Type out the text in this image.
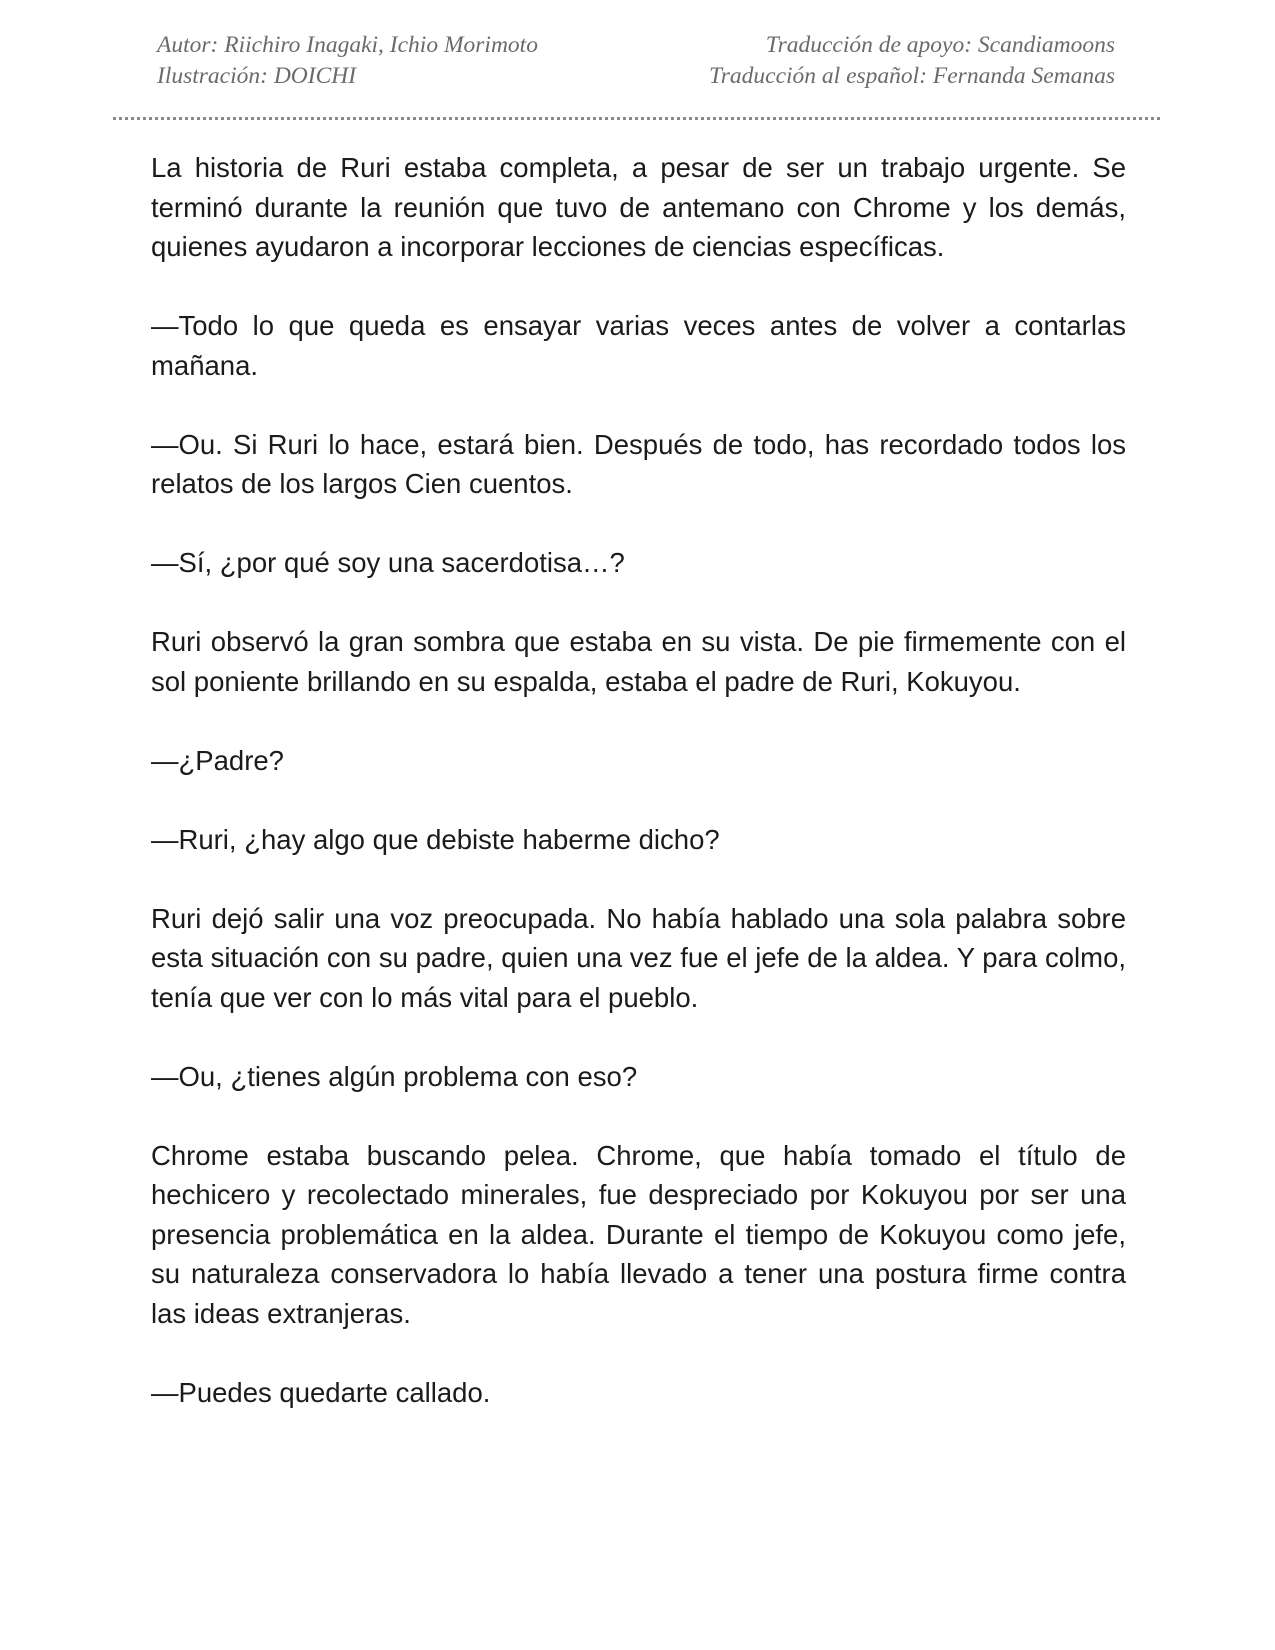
Autor: Riichiro Inagaki, Ichio Morimoto
Ilustración: DOICHI
Traducción de apoyo: Scandiamoons
Traducción al español: Fernanda Semanas

La historia de Ruri estaba completa, a pesar de ser un trabajo urgente. Se terminó durante la reunión que tuvo de antemano con Chrome y los demás, quienes ayudaron a incorporar lecciones de ciencias específicas.

—Todo lo que queda es ensayar varias veces antes de volver a contarlas mañana.

—Ou. Si Ruri lo hace, estará bien. Después de todo, has recordado todos los relatos de los largos Cien cuentos.

—Sí, ¿por qué soy una sacerdotisa…?

Ruri observó la gran sombra que estaba en su vista. De pie firmemente con el sol poniente brillando en su espalda, estaba el padre de Ruri, Kokuyou.

—¿Padre?

—Ruri, ¿hay algo que debiste haberme dicho?

Ruri dejó salir una voz preocupada. No había hablado una sola palabra sobre esta situación con su padre, quien una vez fue el jefe de la aldea. Y para colmo, tenía que ver con lo más vital para el pueblo.

—Ou, ¿tienes algún problema con eso?

Chrome estaba buscando pelea. Chrome, que había tomado el título de hechicero y recolectado minerales, fue despreciado por Kokuyou por ser una presencia problemática en la aldea. Durante el tiempo de Kokuyou como jefe, su naturaleza conservadora lo había llevado a tener una postura firme contra las ideas extranjeras.

—Puedes quedarte callado.
